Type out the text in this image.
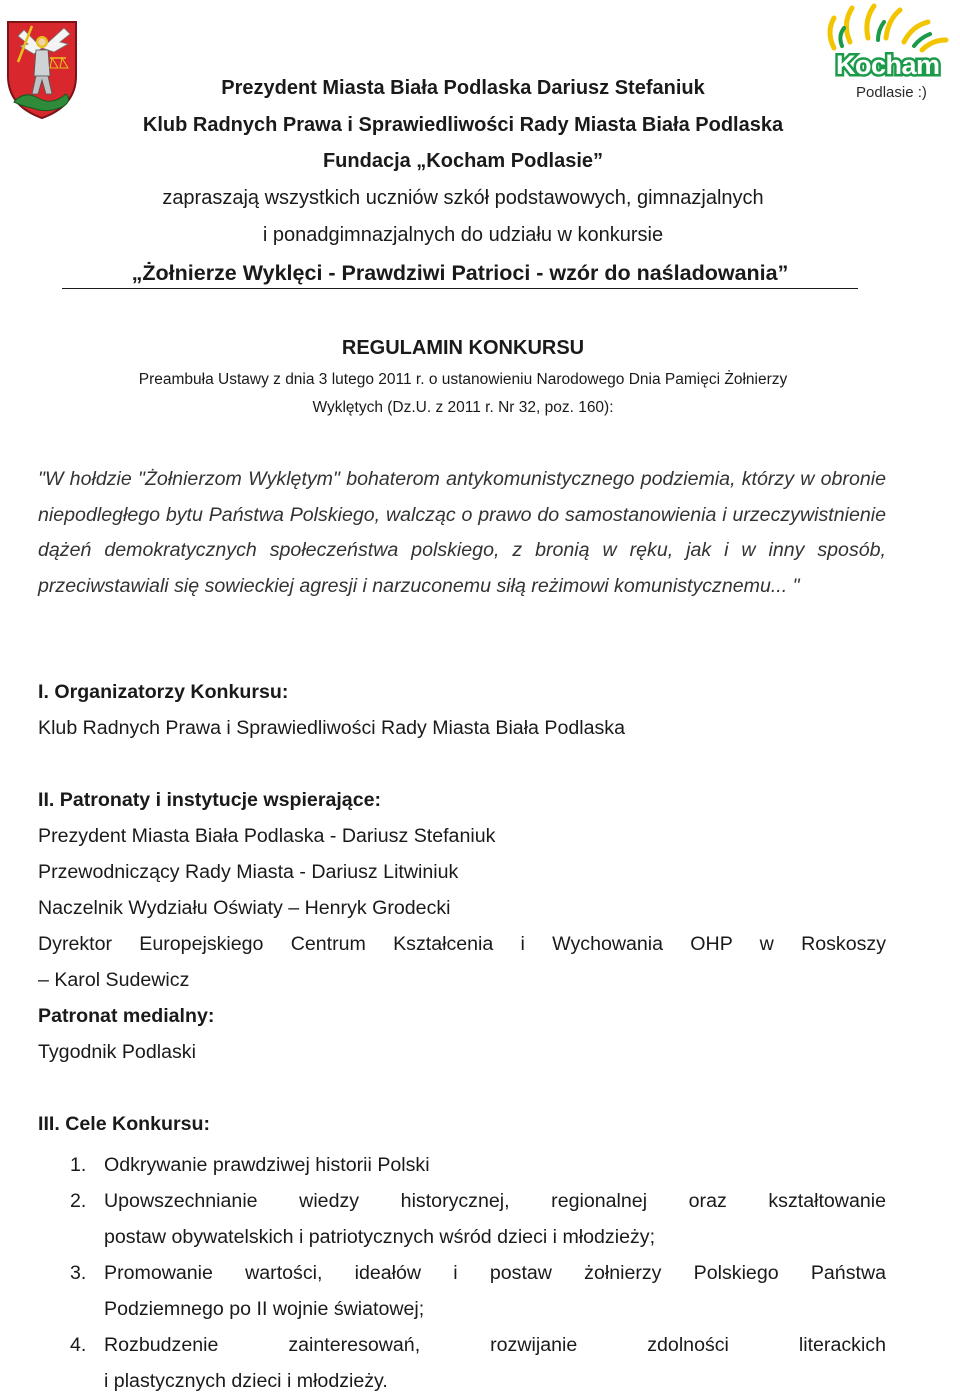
Kocham
Podlasie :)
Prezydent Miasta Biała Podlaska Dariusz Stefaniuk
Klub Radnych Prawa i Sprawiedliwości Rady Miasta Biała Podlaska
Fundacja „Kocham Podlasie”
zapraszają wszystkich uczniów szkół podstawowych, gimnazjalnych
i ponadgimnazjalnych do udziału w konkursie
„Żołnierze Wyklęci - Prawdziwi Patrioci - wzór do naśladowania”
REGULAMIN KONKURSU
Preambuła Ustawy z dnia 3 lutego 2011 r. o ustanowieniu Narodowego Dnia Pamięci Żołnierzy
Wyklętych (Dz.U. z 2011 r. Nr 32, poz. 160):
"W hołdzie "Żołnierzom Wyklętym" bohaterom antykomunistycznego podziemia, którzy w obronie niepodległego bytu Państwa Polskiego, walcząc o prawo do samostanowienia i urzeczywistnienie dążeń demokratycznych społeczeństwa polskiego, z bronią w ręku, jak i w inny sposób, przeciwstawiali się sowieckiej agresji i narzuconemu siłą reżimowi komunistycznemu... "
I. Organizatorzy Konkursu:
Klub Radnych Prawa i Sprawiedliwości Rady Miasta Biała Podlaska
II. Patronaty i instytucje wspierające:
Prezydent Miasta Biała Podlaska - Dariusz Stefaniuk
Przewodniczący Rady Miasta - Dariusz Litwiniuk
Naczelnik Wydziału Oświaty – Henryk Grodecki
Dyrektor Europejskiego Centrum Kształcenia i Wychowania OHP w Roskoszy
– Karol Sudewicz
Patronat medialny:
Tygodnik Podlaski
III. Cele Konkursu:
1. Odkrywanie prawdziwej historii Polski
2. Upowszechnianie wiedzy historycznej, regionalnej oraz kształtowanie
postaw obywatelskich i patriotycznych wśród dzieci i młodzieży;
3. Promowanie wartości, ideałów i postaw żołnierzy Polskiego Państwa
Podziemnego po II wojnie światowej;
4. Rozbudzenie zainteresowań, rozwijanie zdolności literackich
i plastycznych dzieci i młodzieży.
